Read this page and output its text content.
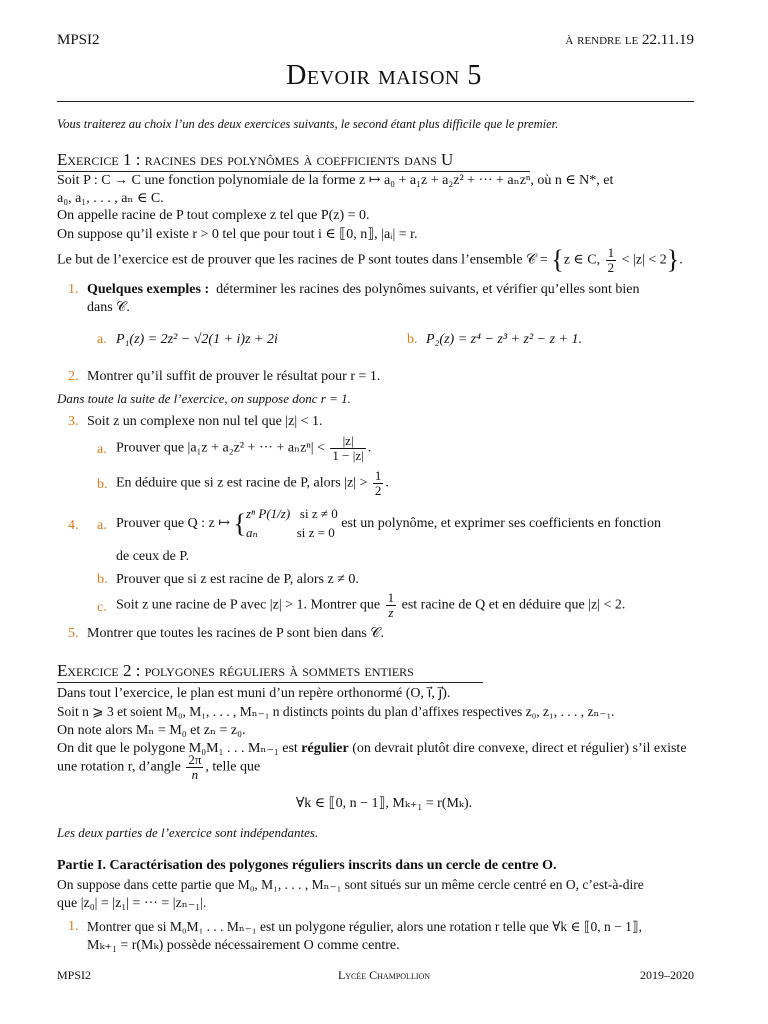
MPSI2	à rendre le 22.11.19
Devoir maison 5
Vous traiterez au choix l’un des deux exercices suivants, le second étant plus difficile que le premier.
Exercice 1 : racines des polynômes à coefficients dans U
Soit P : C → C une fonction polynomiale de la forme z ↦ a₀ + a₁z + a₂z² + ··· + aₙzⁿ, où n ∈ N*, et
a₀, a₁, . . . , aₙ ∈ C.
On appelle racine de P tout complexe z tel que P(z) = 0.
On suppose qu’il existe r > 0 tel que pour tout i ∈ ⟦0, n⟧, |aᵢ| = r.
Le but de l’exercice est de prouver que les racines de P sont toutes dans l’ensemble 𝒞 = {z ∈ C, $\frac{1}{2} < |z| < 2$}.
1. Quelques exemples : déterminer les racines des polynômes suivants, et vérifier qu’elles sont bien
dans 𝒞.
a. P₁(z) = 2z² − √2(1 + i)z + 2i	b. P₂(z) = z⁴ − z³ + z² − z + 1.
2. Montrer qu’il suffit de prouver le résultat pour r = 1.
Dans toute la suite de l’exercice, on suppose donc r = 1.
3. Soit z un complexe non nul tel que |z| < 1.
a. Prouver que |a₁z + a₂z² + ··· + $a_nz^n| < \frac{|z|}{1 - |z|}$ .
b. En déduire que si z est racine de P, alors $|z| > \frac{1}{2}$ .
4. a. Prouver que Q : z ↦ {zⁿ P(1/z) si z ≠ 0
aₙ	si z = 0 est un polynôme, et exprimer ses coefficients en fonction
de ceux de P.
b. Prouver que si z est racine de P, alors z ≠ 0.
c. Soit z une racine de P avec |z| > 1. Montrer que $\frac{1}{z}$ est racine de Q et en déduire que |z| < 2.
5. Montrer que toutes les racines de P sont bien dans 𝒞.
Exercice 2 : polygones réguliers à sommets entiers
Dans tout l’exercice, le plan est muni d’un repère orthonormé (O, i⃗, j⃗).
Soit n ⩾ 3 et soient M₀, M₁, . . . , Mₙ₋₁ n distincts points du plan d’affixes respectives z₀, z₁, . . . , zₙ₋₁.
On note alors Mₙ = M₀ et zₙ = z₀.
On dit que le polygone M₀M₁ . . . Mₙ₋₁ est régulier (on devrait plutôt dire convexe, direct et régulier) s’il existe
une rotation r, d’angle $\frac{2\pi}{n}$ , telle que
∀k ∈ ⟦0, n − 1⟧, Mₖ₊₁ = r(Mₖ).
Les deux parties de l’exercice sont indépendantes.
Partie I. Caractérisation des polygones réguliers inscrits dans un cercle de centre O.
On suppose dans cette partie que M₀, M₁, . . . , Mₙ₋₁ sont situés sur un même cercle centré en O, c’est-à-dire
que |z₀| = |z₁| = ··· = |zₙ₋₁|.
1. Montrer que si M₀M₁ . . . Mₙ₋₁ est un polygone régulier, alors une rotation r telle que ∀k ∈ ⟦0, n − 1⟧,
Mₖ₊₁ = r(Mₖ) possède nécessairement O comme centre.
MPSI2	Lycée Champollion	2019–2020
